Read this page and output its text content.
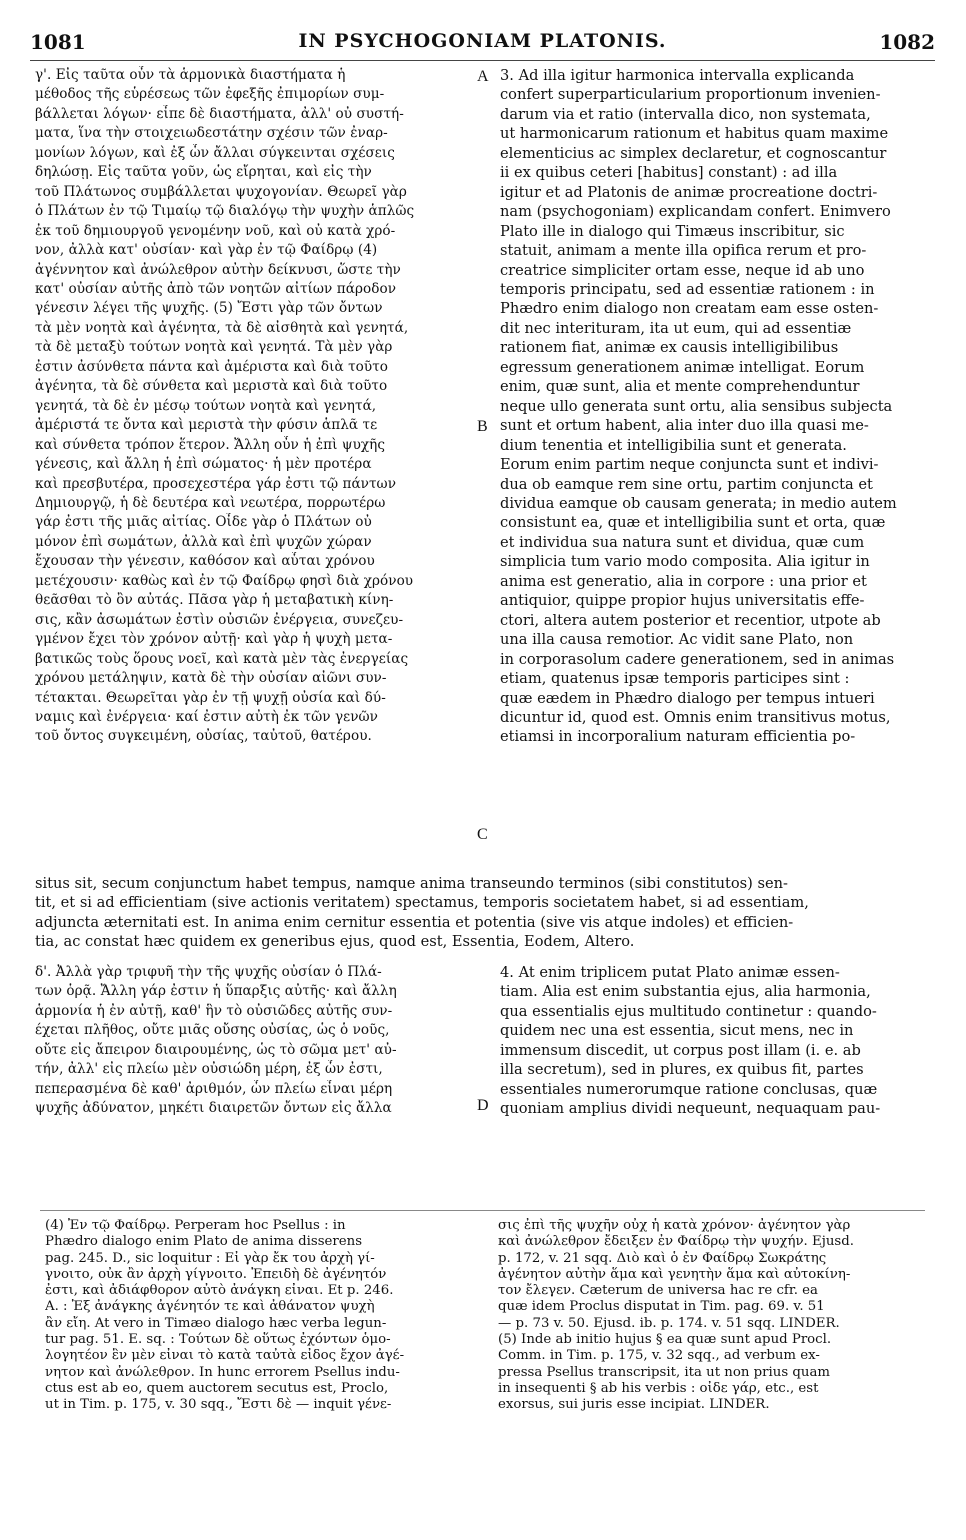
1081	IN PSYCHOGONIAM PLATONIS.	1082
γ'. Εἰς ταῦτα οὖν τὰ ἁρμονικὰ διαστήματα ἡ
μέθοδος τῆς εὑρέσεως τῶν ἐφεξῆς ἐπιμορίων συμ-
βάλλεται λόγων· εἶπε δὲ διαστήματα, ἀλλ' οὐ συστή-
ματα, ἵνα τὴν στοιχειωδεστάτην σχέσιν τῶν ἐναρ-
μονίων λόγων, καὶ ἐξ ὧν ἄλλαι σύγκεινται σχέσεις
δηλώσῃ. Εἰς ταῦτα γοῦν, ὡς εἴρηται, καὶ εἰς τὴν
τοῦ Πλάτωνος συμβάλλεται ψυχογονίαν. Θεωρεῖ γὰρ
ὁ Πλάτων ἐν τῷ Τιμαίῳ τῷ διαλόγῳ τὴν ψυχὴν ἁπλῶς
ἐκ τοῦ δημιουργοῦ γενομένην νοῦ, καὶ οὐ κατὰ χρό-
νον, ἀλλὰ κατ' οὐσίαν· καὶ γὰρ ἐν τῷ Φαίδρῳ (4)
ἀγέννητον καὶ ἀνώλεθρον αὐτὴν δείκνυσι, ὥστε τὴν
κατ' οὐσίαν αὐτῆς ἀπὸ τῶν νοητῶν αἰτίων πάροδον
γένεσιν λέγει τῆς ψυχῆς. (5) Ἔστι γὰρ τῶν ὄντων
τὰ μὲν νοητὰ καὶ ἀγένητα, τὰ δὲ αἰσθητὰ καὶ γενητά,
τὰ δὲ μεταξὺ τούτων νοητὰ καὶ γενητά. Τὰ μὲν γὰρ
ἐστιν ἀσύνθετα πάντα καὶ ἀμέριστα καὶ διὰ τοῦτο
ἀγένητα, τὰ δὲ σύνθετα καὶ μεριστὰ καὶ διὰ τοῦτο
γενητά, τὰ δὲ ἐν μέσῳ τούτων νοητὰ καὶ γενητά,
ἀμέριστά τε ὄντα καὶ μεριστὰ τὴν φύσιν ἁπλᾶ τε
καὶ σύνθετα τρόπον ἕτερον. Ἄλλη οὖν ἡ ἐπὶ ψυχῆς
γένεσις, καὶ ἄλλη ἡ ἐπὶ σώματος· ἡ μὲν προτέρα
καὶ πρεσβυτέρα, προσεχεστέρα γάρ ἐστι τῷ πάντων
Δημιουργῷ, ἡ δὲ δευτέρα καὶ νεωτέρα, πορρωτέρω
γάρ ἐστι τῆς μιᾶς αἰτίας. Οἶδε γὰρ ὁ Πλάτων οὐ
μόνον ἐπὶ σωμάτων, ἀλλὰ καὶ ἐπὶ ψυχῶν χώραν
ἔχουσαν τὴν γένεσιν, καθόσον καὶ αὗται χρόνου
μετέχουσιν· καθὼς καὶ ἐν τῷ Φαίδρῳ φησὶ διὰ χρόνου
θεᾶσθαι τὸ ὂν αὐτάς. Πᾶσα γὰρ ἡ μεταβατικὴ κίνη-
σις, κἂν ἀσωμάτων ἐστὶν οὐσιῶν ἐνέργεια, συνεζευ-
γμένον ἔχει τὸν χρόνον αὐτῇ· καὶ γὰρ ἡ ψυχὴ μετα-
βατικῶς τοὺς ὅρους νοεῖ, καὶ κατὰ μὲν τὰς ἐνεργείας
χρόνου μετάληψιν, κατὰ δὲ τὴν οὐσίαν αἰῶνι συν-
τέτακται. Θεωρεῖται γὰρ ἐν τῇ ψυχῇ οὐσία καὶ δύ-
ναμις καὶ ἐνέργεια· καί ἐστιν αὐτὴ ἐκ τῶν γενῶν
τοῦ ὄντος συγκειμένη, οὐσίας, ταὐτοῦ, θατέρου.
3. Ad illa igitur harmonica intervalla explicanda
confert superparticularium proportionum invenien-
darum via et ratio (intervalla dico, non systemata,
ut harmonicarum rationum et habitus quam maxime
elementicius ac simplex declaretur, et cognoscantur
ii ex quibus ceteri [habitus] constant) : ad illa
igitur et ad Platonis de animæ procreatione doctri-
nam (psychogoniam) explicandam confert. Enimvero
Plato ille in dialogo qui Timæus inscribitur, sic
statuit, animam a mente illa opifica rerum et pro-
creatrice simpliciter ortam esse, neque id ab uno
temporis principatu, sed ad essentiæ rationem : in
Phædro enim dialogo non creatam eam esse osten-
dit nec interituram, ita ut eum, qui ad essentiæ
rationem fiat, animæ ex causis intelligibilibus
egressum generationem animæ intelligat. Eorum
enim, quæ sunt, alia et mente comprehenduntur
neque ullo generata sunt ortu, alia sensibus subjecta
sunt et ortum habent, alia inter duo illa quasi me-
dium tenentia et intelligibilia sunt et generata.
Eorum enim partim neque conjuncta sunt et indivi-
dua ob eamque rem sine ortu, partim conjuncta et
dividua eamque ob causam generata; in medio autem
consistunt ea, quæ et intelligibilia sunt et orta, quæ
et individua sua natura sunt et dividua, quæ cum
simplicia tum vario modo composita. Alia igitur in
anima est generatio, alia in corpore : una prior et
antiquior, quippe propior hujus universitatis effe-
ctori, altera autem posterior et recentior, utpote ab
una illa causa remotior. Ac vidit sane Plato, non
in corporasolum cadere generationem, sed in animas
etiam, quatenus ipsæ temporis participes sint :
quæ eædem in Phædro dialogo per tempus intueri
dicuntur id, quod est. Omnis enim transitivus motus,
etiamsi in incorporalium naturam efficientia po-
A
B
C
D
situs sit, secum conjunctum habet tempus, namque anima transeundo terminos (sibi constitutos) sen-
tit, et si ad efficientiam (sive actionis veritatem) spectamus, temporis societatem habet, si ad essentiam,
adjuncta æternitati est. In anima enim cernitur essentia et potentia (sive vis atque indoles) et efficien-
tia, ac constat hæc quidem ex generibus ejus, quod est, Essentia, Eodem, Altero.
δ'. Ἀλλὰ γὰρ τριφυῆ τὴν τῆς ψυχῆς οὐσίαν ὁ Πλά-
των ὁρᾷ. Ἄλλη γάρ ἐστιν ἡ ὕπαρξις αὐτῆς· καὶ ἄλλη
ἁρμονία ἡ ἐν αὐτῇ, καθ' ἣν τὸ οὐσιῶδες αὐτῆς συν-
έχεται πλῆθος, οὔτε μιᾶς οὔσης οὐσίας, ὡς ὁ νοῦς,
οὔτε εἰς ἄπειρον διαιρουμένης, ὡς τὸ σῶμα μετ' αὐ-
τήν, ἀλλ' εἰς πλείω μὲν οὐσιώδη μέρη, ἐξ ὧν ἐστι,
πεπερασμένα δὲ καθ' ἀριθμόν, ὧν πλείω εἶναι μέρη
ψυχῆς ἀδύνατον, μηκέτι διαιρετῶν ὄντων εἰς ἄλλα
4. At enim triplicem putat Plato animæ essen-
tiam. Alia est enim substantia ejus, alia harmonia,
qua essentialis ejus multitudo continetur : quando-
quidem nec una est essentia, sicut mens, nec in
immensum discedit, ut corpus post illam (i. e. ab
illa secretum), sed in plures, ex quibus fit, partes
essentiales numerorumque ratione conclusas, quæ
quoniam amplius dividi nequeunt, nequaquam pau-
(4) Ἐν τῷ Φαίδρῳ. Perperam hoc Psellus : in
Phædro dialogo enim Plato de anima disserens
pag. 245. D., sic loquitur : Εἰ γὰρ ἔκ του ἀρχὴ γί-
γνοιτο, οὐκ ἂν ἀρχὴ γίγνοιτο. Ἐπειδὴ δὲ ἀγένητόν
ἐστι, καὶ ἀδιάφθορον αὐτὸ ἀνάγκη εἶναι. Et p. 246.
A. : Ἐξ ἀνάγκης ἀγένητόν τε καὶ ἀθάνατον ψυχὴ
ἂν εἴη. At vero in Timæo dialogo hæc verba legun-
tur pag. 51. E. sq. : Τούτων δὲ οὕτως ἐχόντων ὁμο-
λογητέον ἓν μὲν εἶναι τὸ κατὰ ταὐτὰ εἶδος ἔχον ἀγέ-
νητον καὶ ἀνώλεθρον. In hunc errorem Psellus indu-
ctus est ab eo, quem auctorem secutus est, Proclo,
ut in Tim. p. 175, v. 30 sqq., Ἔστι δὲ — inquit γένε-
σις ἐπὶ τῆς ψυχῆν οὐχ ἡ κατὰ χρόνον· ἀγένητον γὰρ
καὶ ἀνώλεθρον ἔδειξεν ἐν Φαίδρῳ τὴν ψυχήν. Ejusd.
p. 172, v. 21 sqq. Διὸ καὶ ὁ ἐν Φαίδρῳ Σωκράτης
ἀγένητον αὐτὴν ἅμα καὶ γενητὴν ἅμα καὶ αὐτοκίνη-
τον ἔλεγεν. Cæterum de universa hac re cfr. ea
quæ idem Proclus disputat in Tim. pag. 69. v. 51
— p. 73 v. 50. Ejusd. ib. p. 174. v. 51 sqq. LINDER.
(5) Inde ab initio hujus § ea quæ sunt apud Procl.
Comm. in Tim. p. 175, v. 32 sqq., ad verbum ex-
pressa Psellus transcripsit, ita ut non prius quam
in insequenti § ab his verbis : οἶδε γάρ, etc., est
exorsus, sui juris esse incipiat. LINDER.
